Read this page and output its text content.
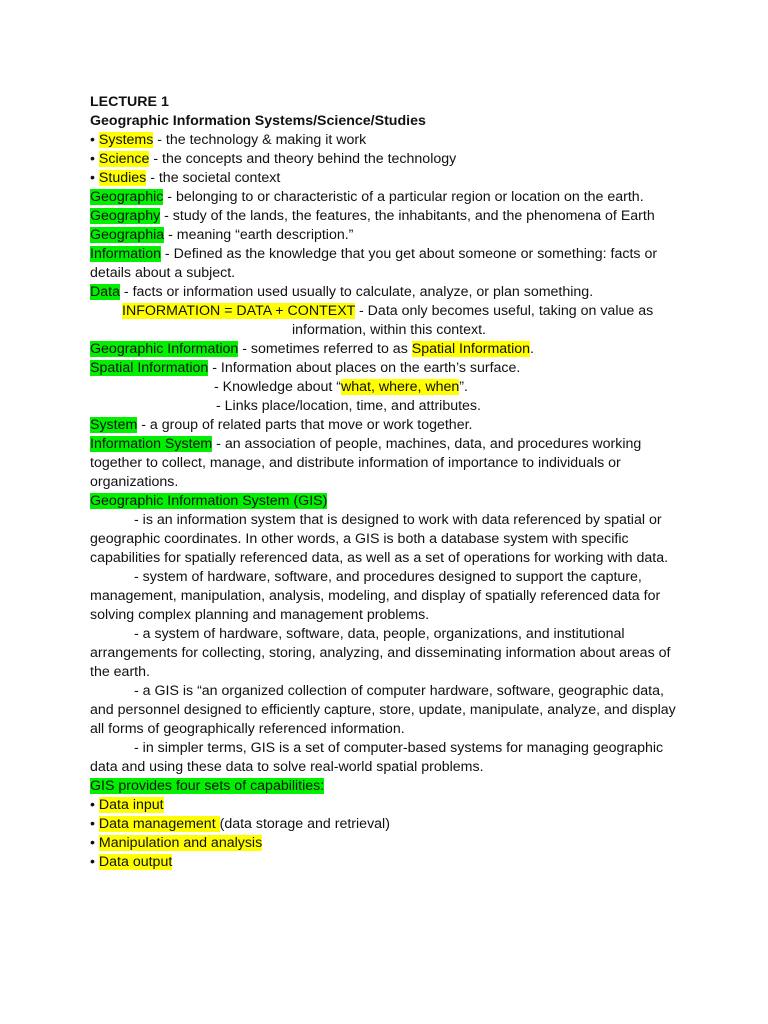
LECTURE 1
Geographic Information Systems/Science/Studies
• Systems - the technology & making it work
• Science - the concepts and theory behind the technology
• Studies - the societal context
Geographic - belonging to or characteristic of a particular region or location on the earth.
Geography - study of the lands, the features, the inhabitants, and the phenomena of Earth
Geographia - meaning “earth description.”
Information - Defined as the knowledge that you get about someone or something: facts or details about a subject.
Data - facts or information used usually to calculate, analyze, or plan something.
INFORMATION = DATA + CONTEXT - Data only becomes useful, taking on value as
information, within this context.
Geographic Information - sometimes referred to as Spatial Information.
Spatial Information - Information about places on the earth’s surface.
- Knowledge about “what, where, when”.
- Links place/location, time, and attributes.
System - a group of related parts that move or work together.
Information System - an association of people, machines, data, and procedures working together to collect, manage, and distribute information of importance to individuals or organizations.
Geographic Information System (GIS)
- is an information system that is designed to work with data referenced by spatial or geographic coordinates. In other words, a GIS is both a database system with specific capabilities for spatially referenced data, as well as a set of operations for working with data.
- system of hardware, software, and procedures designed to support the capture, management, manipulation, analysis, modeling, and display of spatially referenced data for solving complex planning and management problems.
- a system of hardware, software, data, people, organizations, and institutional arrangements for collecting, storing, analyzing, and disseminating information about areas of the earth.
- a GIS is “an organized collection of computer hardware, software, geographic data, and personnel designed to efficiently capture, store, update, manipulate, analyze, and display all forms of geographically referenced information.
- in simpler terms, GIS is a set of computer-based systems for managing geographic data and using these data to solve real-world spatial problems.
GIS provides four sets of capabilities:
• Data input
• Data management (data storage and retrieval)
• Manipulation and analysis
• Data output
